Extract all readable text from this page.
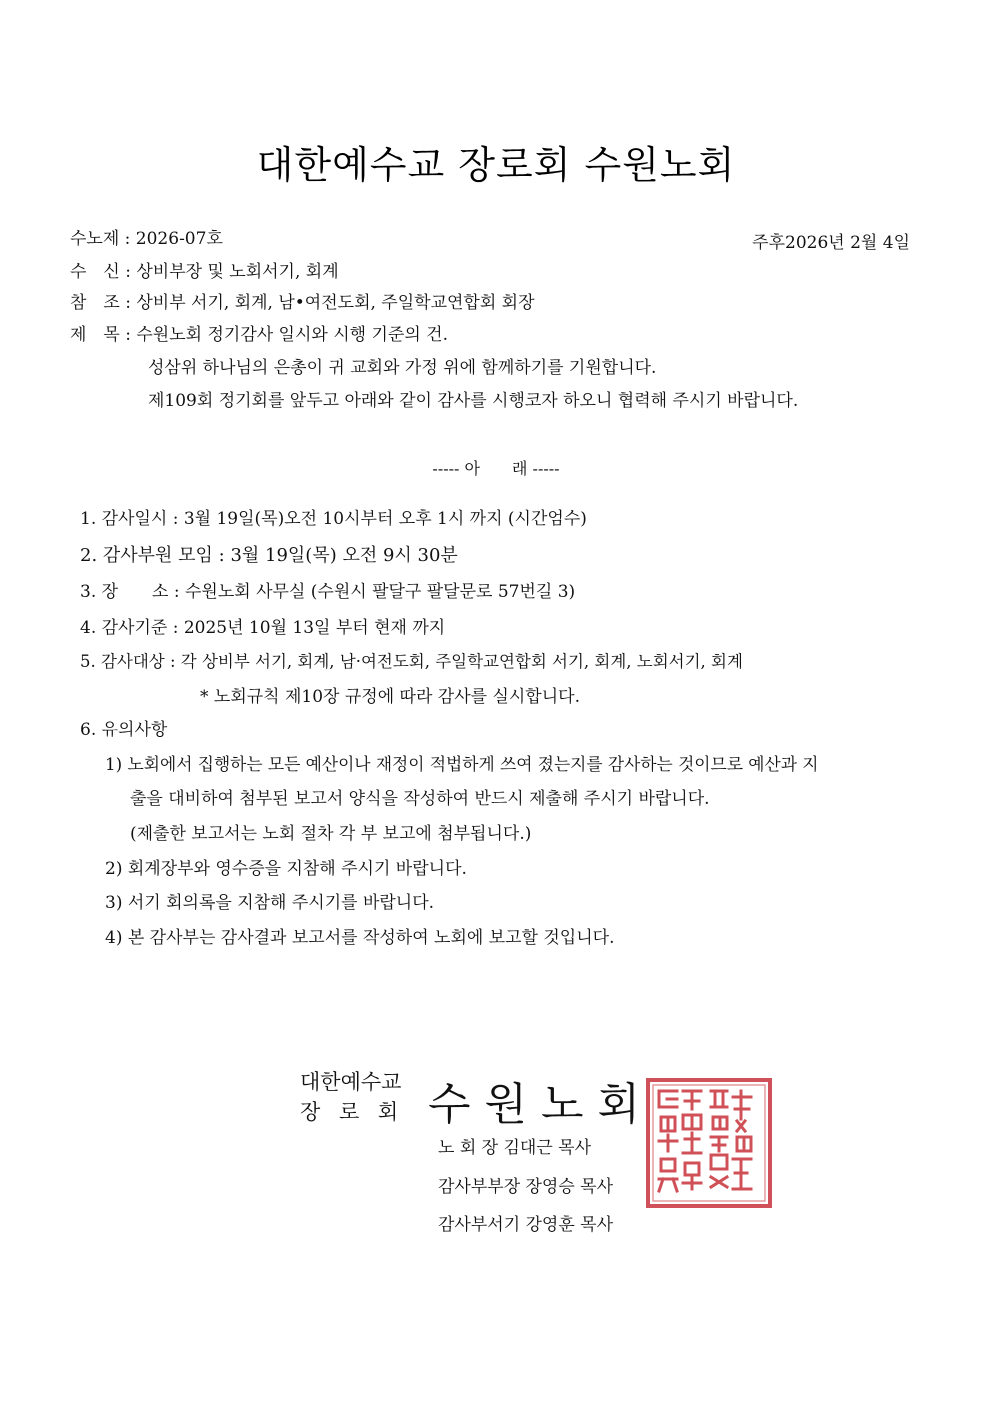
대한예수교 장로회 수원노회
수노제 : 2026-07호	주후2026년 2월 4일
수　신 : 상비부장 및 노회서기, 회계
참　조 : 상비부 서기, 회계, 남•여전도회, 주일학교연합회 회장
제　목 : 수원노회 정기감사 일시와 시행 기준의 건.
성삼위 하나님의 은총이 귀 교회와 가정 위에 함께하기를 기원합니다.
제109회 정기회를 앞두고 아래와 같이 감사를 시행코자 하오니 협력해 주시기 바랍니다.
----- 아　　래 -----
1. 감사일시 : 3월 19일(목)오전 10시부터 오후 1시 까지 (시간엄수)
2. 감사부원 모임 : 3월 19일(목) 오전 9시 30분
3. 장　　소 : 수원노회 사무실 (수원시 팔달구 팔달문로 57번길 3)
4. 감사기준 : 2025년 10월 13일 부터 현재 까지
5. 감사대상 : 각 상비부 서기, 회계, 남·여전도회, 주일학교연합회 서기, 회계, 노회서기, 회계
* 노회규칙 제10장 규정에 따라 감사를 실시합니다.
6. 유의사항
1) 노회에서 집행하는 모든 예산이나 재정이 적법하게 쓰여 졌는지를 감사하는 것이므로 예산과 지
출을 대비하여 첨부된 보고서 양식을 작성하여 반드시 제출해 주시기 바랍니다.
(제출한 보고서는 노회 절차 각 부 보고에 첨부됩니다.)
2) 회계장부와 영수증을 지참해 주시기 바랍니다.
3) 서기 회의록을 지참해 주시기를 바랍니다.
4) 본 감사부는 감사결과 보고서를 작성하여 노회에 보고할 것입니다.
대한예수교
장 로 회 수원노회
노 회 장 김대근 목사
감사부부장 장영승 목사
감사부서기 강영훈 목사
